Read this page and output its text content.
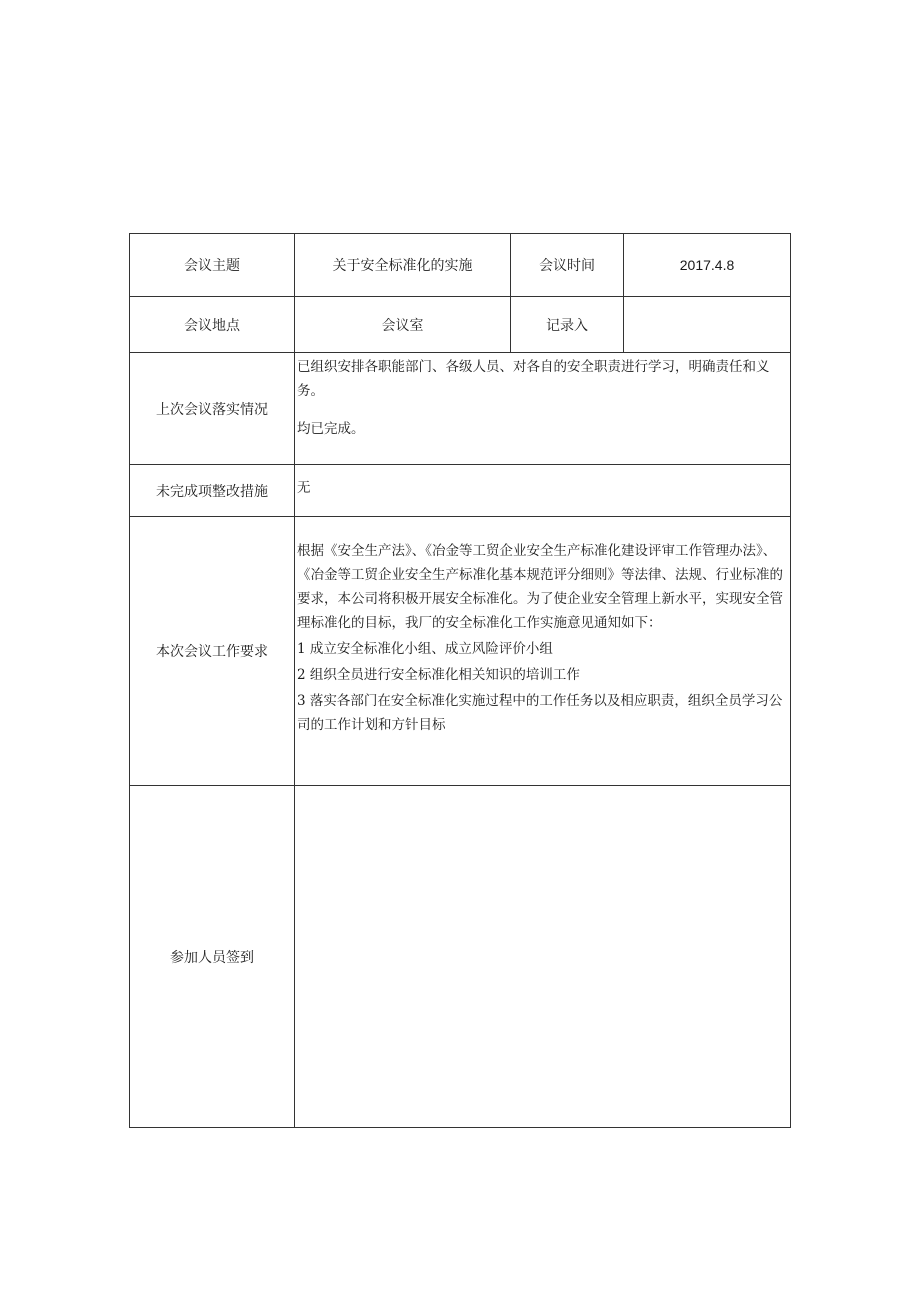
会议主题	关于安全标准化的实施	会议时间	2017.4.8
会议地点	会议室	记录入	
上次会议落实情况	已组织安排各职能部门、各级人员、对各自的安全职责进行学习，明确责任和义务。

均已完成。		

未完成项整改措施	无		

本次会议工作要求	根据《安全生产法》、《冶金等工贸企业安全生产标准化建设评审工作管理办法》、《冶金等工贸企业安全生产标准化基本规范评分细则》等法律、法规、行业标准的要求，本公司将积极开展安全标准化。为了使企业安全管理上新水平，实现安全管理标准化的目标，我厂的安全标准化工作实施意见通知如下：

1 成立安全标准化小组、成立风险评价小组

2 组织全员进行安全标准化相关知识的培训工作

3 落实各部门在安全标准化实施过程中的工作任务以及相应职责，组织全员学习公司的工作计划和方针目标		

参加人员签到			
